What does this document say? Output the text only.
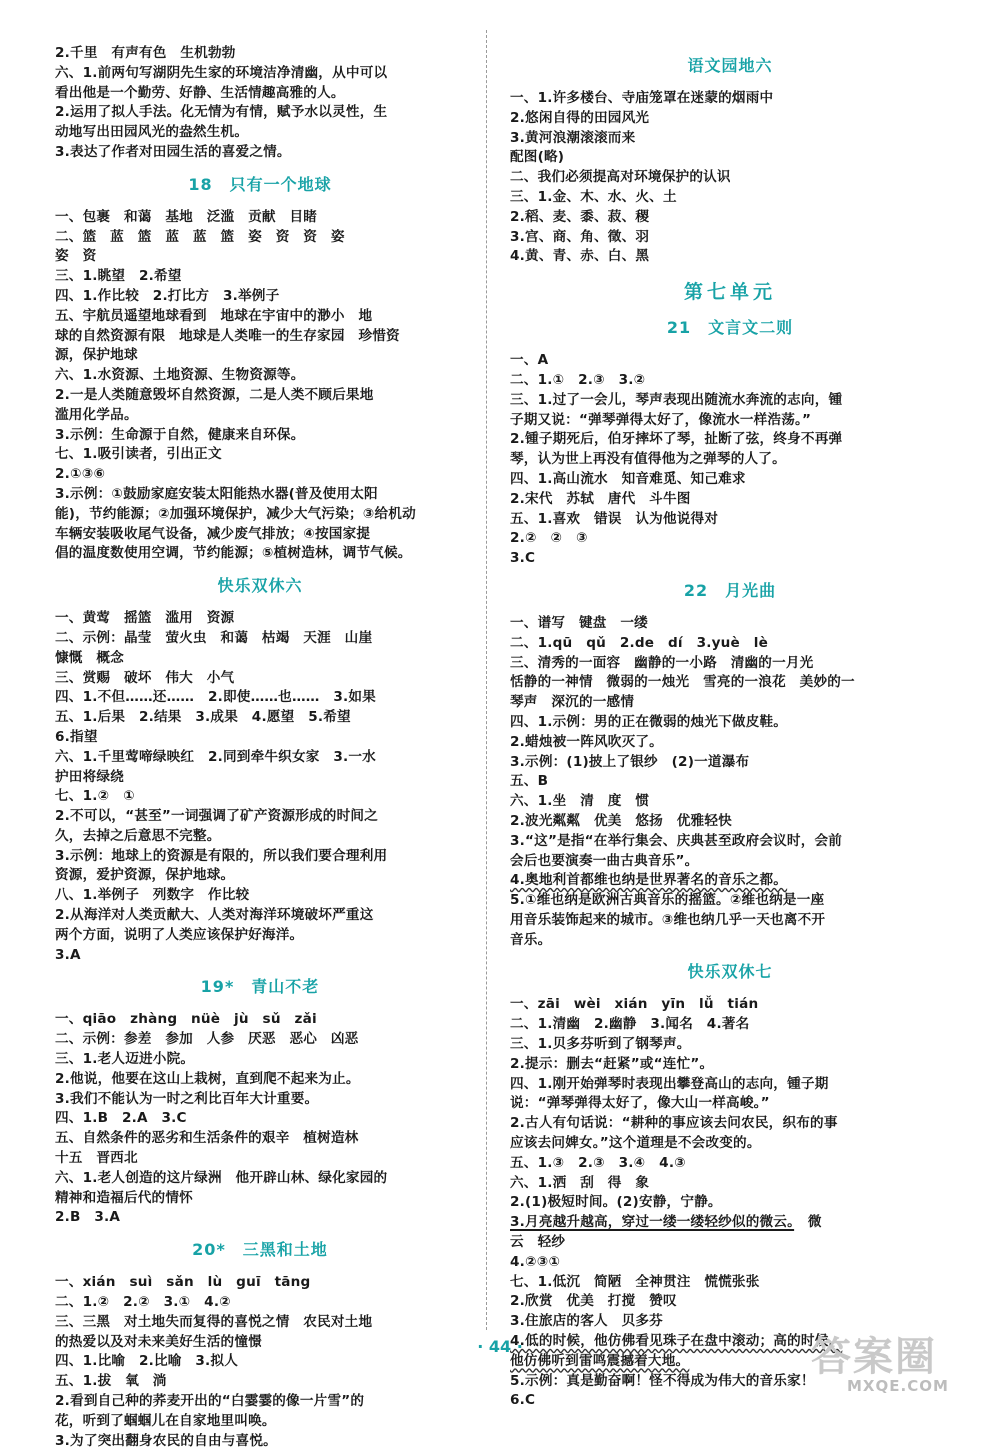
2.千里　有声有色　生机勃勃
六、1.前两句写湖阴先生家的环境洁净清幽，从中可以
看出他是一个勤劳、好静、生活情趣高雅的人。
2.运用了拟人手法。化无情为有情，赋予水以灵性，生
动地写出田园风光的盎然生机。
3.表达了作者对田园生活的喜爱之情。
18　只有一个地球
一、包裹　和蔼　基地　泛滥　贡献　目睹
二、篮　蓝　篮　蓝　蓝　篮　姿　资　资　姿
姿　资
三、1.眺望　2.希望
四、1.作比较　2.打比方　3.举例子
五、宇航员遥望地球看到　地球在宇宙中的渺小　地
球的自然资源有限　地球是人类唯一的生存家园　珍惜资
源，保护地球
六、1.水资源、土地资源、生物资源等。
2.一是人类随意毁坏自然资源，二是人类不顾后果地
滥用化学品。
3.示例：生命源于自然，健康来自环保。
七、1.吸引读者，引出正文
2.①③⑥
3.示例：①鼓励家庭安装太阳能热水器(普及使用太阳
能)，节约能源；②加强环境保护，减少大气污染；③给机动
车辆安装吸收尾气设备，减少废气排放；④按国家提
倡的温度数使用空调，节约能源；⑤植树造林，调节气候。
快乐双休六
一、黄莺　摇篮　滥用　资源
二、示例：晶莹　萤火虫　和蔼　枯竭　天涯　山崖
慷慨　概念
三、赏赐　破坏　伟大　小气
四、1.不但……还……　2.即使……也……　3.如果
五、1.后果　2.结果　3.成果　4.愿望　5.希望
6.指望
六、1.千里莺啼绿映红　2.同到牵牛织女家　3.一水
护田将绿绕
七、1.②　①
2.不可以，“甚至”一词强调了矿产资源形成的时间之
久，去掉之后意思不完整。
3.示例：地球上的资源是有限的，所以我们要合理利用
资源，爱护资源，保护地球。
八、1.举例子　列数字　作比较
2.从海洋对人类贡献大、人类对海洋环境破坏严重这
两个方面，说明了人类应该保护好海洋。
3.A
19*　青山不老
一、qiāo　zhàng　nüè　jù　sǔ　zǎi
二、示例：参差　参加　人参　厌恶　恶心　凶恶
三、1.老人迈进小院。
2.他说，他要在这山上栽树，直到爬不起来为止。
3.我们不能认为一时之利比百年大计重要。
四、1.B　2.A　3.C
五、自然条件的恶劣和生活条件的艰辛　植树造林
十五　晋西北
六、1.老人创造的这片绿洲　他开辟山林、绿化家园的
精神和造福后代的情怀
2.B　3.A
20*　三黑和土地
一、xián　suì　sǎn　lù　guī　tāng
二、1.②　2.②　3.①　4.②
三、三黑　对土地失而复得的喜悦之情　农民对土地
的热爱以及对未来美好生活的憧憬
四、1.比喻　2.比喻　3.拟人
五、1.拔　氧　淌
2.看到自己种的荞麦开出的“白霎霎的像一片雪”的
花，听到了蝈蝈儿在自家地里叫唤。
3.为了突出翻身农民的自由与喜悦。
语文园地六
一、1.许多楼台、寺庙笼罩在迷蒙的烟雨中
2.悠闲自得的田园风光
3.黄河浪潮滚滚而来
配图(略)
二、我们必须提高对环境保护的认识
三、1.金、木、水、火、土
2.稻、麦、黍、菽、稷
3.宫、商、角、徵、羽
4.黄、青、赤、白、黑
第七单元
21　文言文二则
一、A
二、1.①　2.③　3.②
三、1.过了一会儿，琴声表现出随流水奔流的志向，锺
子期又说：“弹琴弹得太好了，像流水一样浩荡。”
2.锺子期死后，伯牙摔坏了琴，扯断了弦，终身不再弹
琴，认为世上再没有值得他为之弹琴的人了。
四、1.高山流水　知音难觅、知己难求
2.宋代　苏轼　唐代　斗牛图
五、1.喜欢　错误　认为他说得对
2.②　②　③
3.C
22　月光曲
一、谱写　键盘　一缕
二、1.qū　qǔ　2.de　dí　3.yuè　lè
三、清秀的一面容　幽静的一小路　清幽的一月光
恬静的一神情　微弱的一烛光　雪亮的一浪花　美妙的一
琴声　深沉的一感情
四、1.示例：男的正在微弱的烛光下做皮鞋。
2.蜡烛被一阵风吹灭了。
3.示例：(1)披上了银纱　(2)一道瀑布
五、B
六、1.坐　清　度　惯
2.波光粼粼　优美　悠扬　优雅轻快
3.“这”是指“在举行集会、庆典甚至政府会议时，会前
会后也要演奏一曲古典音乐”。
4.奥地利首都维也纳是世界著名的音乐之都。
5.①维也纳是欧洲古典音乐的摇篮。②维也纳是一座
用音乐装饰起来的城市。③维也纳几乎一天也离不开
音乐。
快乐双休七
一、zāi　wèi　xián　yīn　lǚ　tián
二、1.清幽　2.幽静　3.闻名　4.著名
三、1.贝多芬听到了钢琴声。
2.提示：删去“赶紧”或“连忙”。
四、1.刚开始弹琴时表现出攀登高山的志向，锺子期
说：“弹琴弹得太好了，像大山一样高峻。”
2.古人有句话说：“耕种的事应该去问农民，织布的事
应该去问婢女。”这个道理是不会改变的。
五、1.③　2.③　3.④　4.③
六、1.洒　刮　得　象
2.(1)极短时间。(2)安静，宁静。
3.月亮越升越高，穿过一缕一缕轻纱似的微云。　微
云　轻纱
4.②③①
七、1.低沉　简陋　全神贯注　慌慌张张
2.欣赏　优美　打搅　赞叹
3.住旅店的客人　贝多芬
4.低的时候，他仿佛看见珠子在盘中滚动；高的时候，
他仿佛听到雷鸣震撼着大地。
5.示例：真是勤奋啊！怪不得成为伟大的音乐家！
6.C
· 44 ·	答案圈
MXQE.COM
